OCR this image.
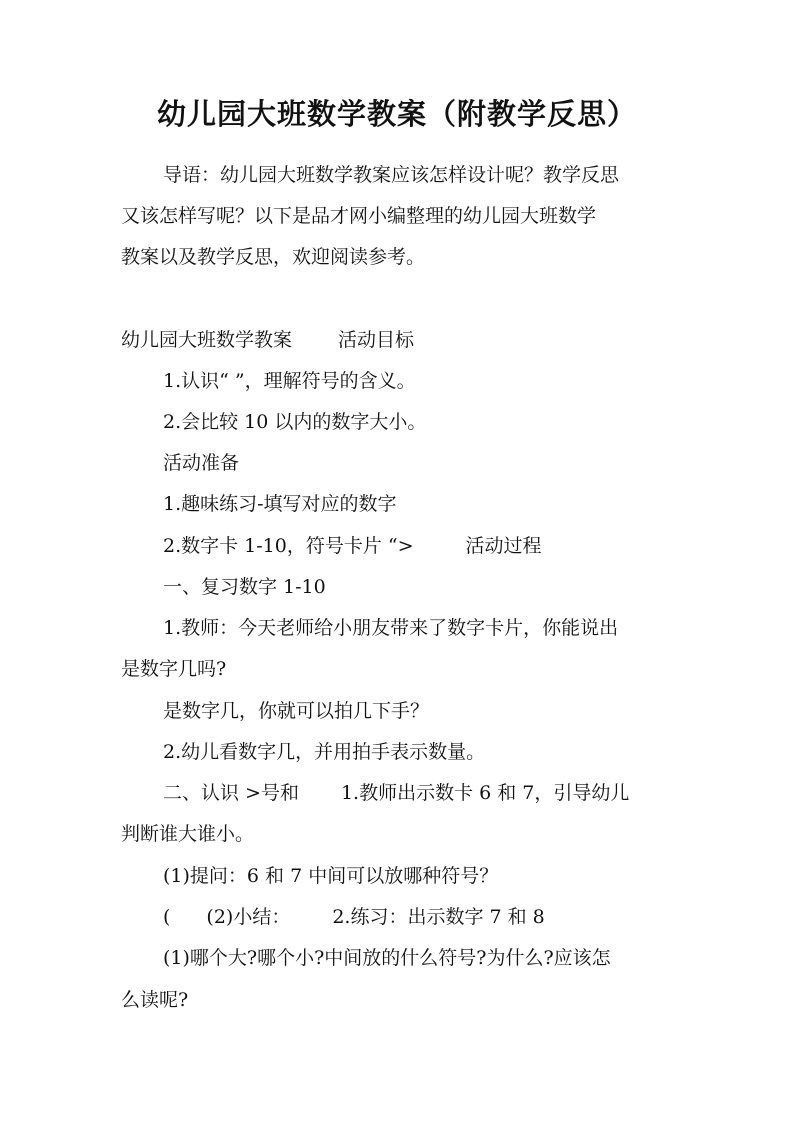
幼儿园大班数学教案（附教学反思）
导语：幼儿园大班数学教案应该怎样设计呢？教学反思
又该怎样写呢？以下是品才网小编整理的幼儿园大班数学
教案以及教学反思，欢迎阅读参考。
幼儿园大班数学教案 活动目标
1.认识“ ”，理解符号的含义。
2.会比较 10 以内的数字大小。
活动准备
1.趣味练习-填写对应的数字
2.数字卡 1-10，符号卡片 “>	活动过程
一、复习数字 1-10
1.教师：今天老师给小朋友带来了数字卡片，你能说出
是数字几吗?
是数字几，你就可以拍几下手？
2.幼儿看数字几，并用拍手表示数量。
二、认识 >号和 1.教师出示数卡 6 和 7，引导幼儿
判断谁大谁小。
(1)提问：6 和 7 中间可以放哪种符号？
( (2)小结： 2.练习：出示数字 7 和 8
(1)哪个大?哪个小?中间放的什么符号?为什么?应该怎
么读呢?
